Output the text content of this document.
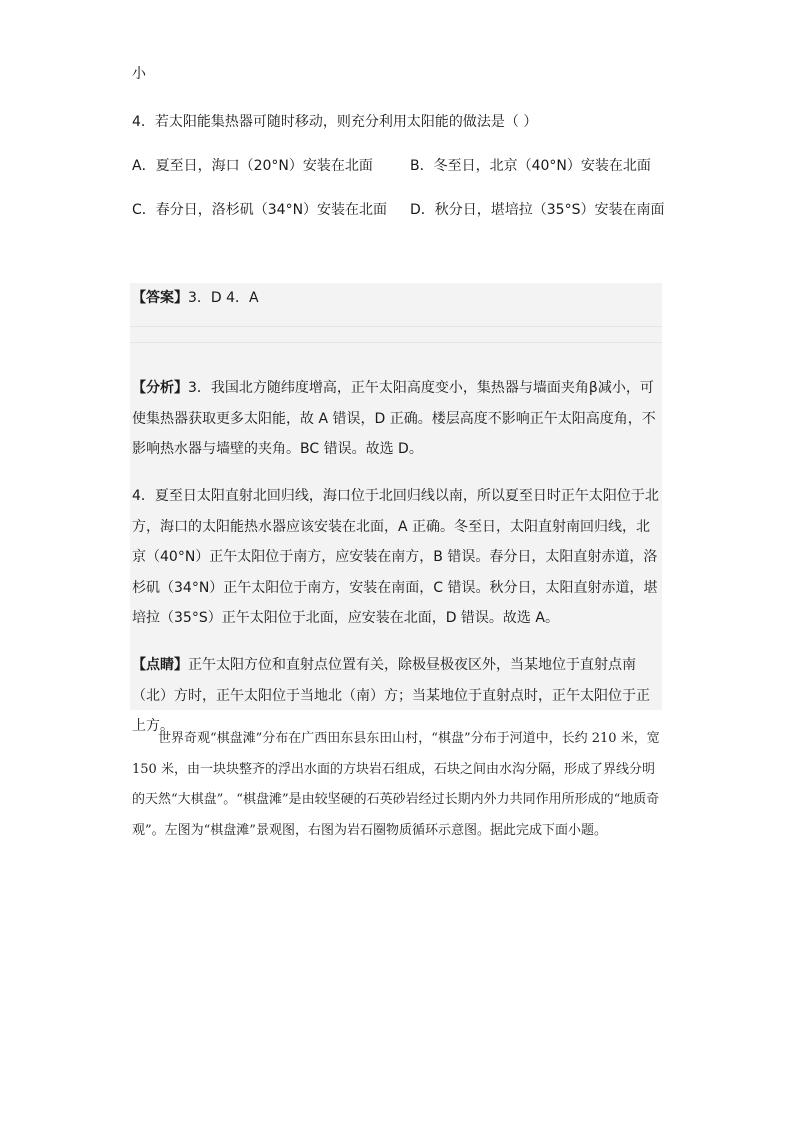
小
4．若太阳能集热器可随时移动，则充分利用太阳能的做法是（ ）
A．夏至日，海口（20°N）安装在北面	B．冬至日，北京（40°N）安装在北面
C．春分日，洛杉矶（34°N）安装在北面 D．秋分日，堪培拉（35°S）安装在南面
【答案】3．D 4．A

【分析】3．我国北方随纬度增高，正午太阳高度变小，集热器与墙面夹角β减小，可使集热器获取更多太阳能，故 A 错误，D 正确。楼层高度不影响正午太阳高度角，不影响热水器与墙壁的夹角。BC 错误。故选 D。

4．夏至日太阳直射北回归线，海口位于北回归线以南，所以夏至日时正午太阳位于北方，海口的太阳能热水器应该安装在北面，A 正确。冬至日，太阳直射南回归线，北京（40°N）正午太阳位于南方，应安装在南方，B 错误。春分日，太阳直射赤道，洛杉矶（34°N）正午太阳位于南方，安装在南面，C 错误。秋分日，太阳直射赤道，堪培拉（35°S）正午太阳位于北面，应安装在北面，D 错误。故选 A。

【点睛】正午太阳方位和直射点位置有关，除极昼极夜区外，当某地位于直射点南（北）方时，正午太阳位于当地北（南）方；当某地位于直射点时，正午太阳位于正上方。

世界奇观“棋盘滩”分布在广西田东县东田山村，“棋盘”分布于河道中，长约 210 米，宽 150 米，由一块块整齐的浮出水面的方块岩石组成，石块之间由水沟分隔，形成了界线分明的天然“大棋盘”。“棋盘滩”是由较坚硬的石英砂岩经过长期内外力共同作用所形成的“地质奇观”。左图为“棋盘滩”景观图，右图为岩石圈物质循环示意图。据此完成下面小题。
